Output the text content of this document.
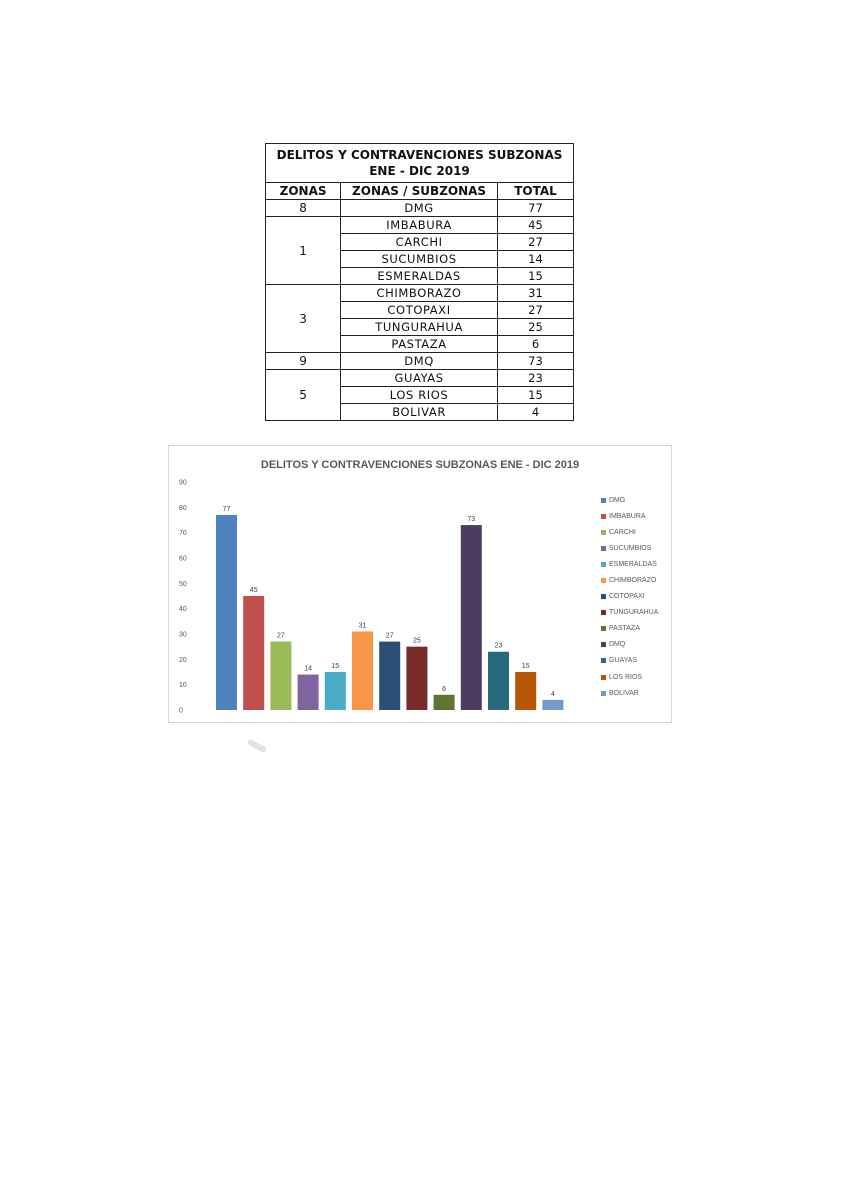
DELITOS Y CONTRAVENCIONES SUBZONAS
ENE - DIC 2019		
ZONAS	ZONAS / SUBZONAS	TOTAL
8	DMG	77
1	IMBABURA	45
	CARCHI	27
	SUCUMBIOS	14
	ESMERALDAS	15
3	CHIMBORAZO	31
	COTOPAXI	27
	TUNGURAHUA	25
	PASTAZA	6
9	DMQ	73
5	GUAYAS	23
	LOS RIOS	15
	BOLIVAR	4
DELITOS Y CONTRAVENCIONES SUBZONAS ENE - DIC 2019
0
10
20
30
40
50
60
70
80
90
77
45
27
14	15
31
27
25
6
73
23
15
4
DMG
IMBABURA
CARCHI
SUCUMBIOS
ESMERALDAS
CHIMBORAZO
COTOPAXI
TUNGURAHUA
PASTAZA
DMQ
GUAYAS
LOS RIOS
BOLIVAR
